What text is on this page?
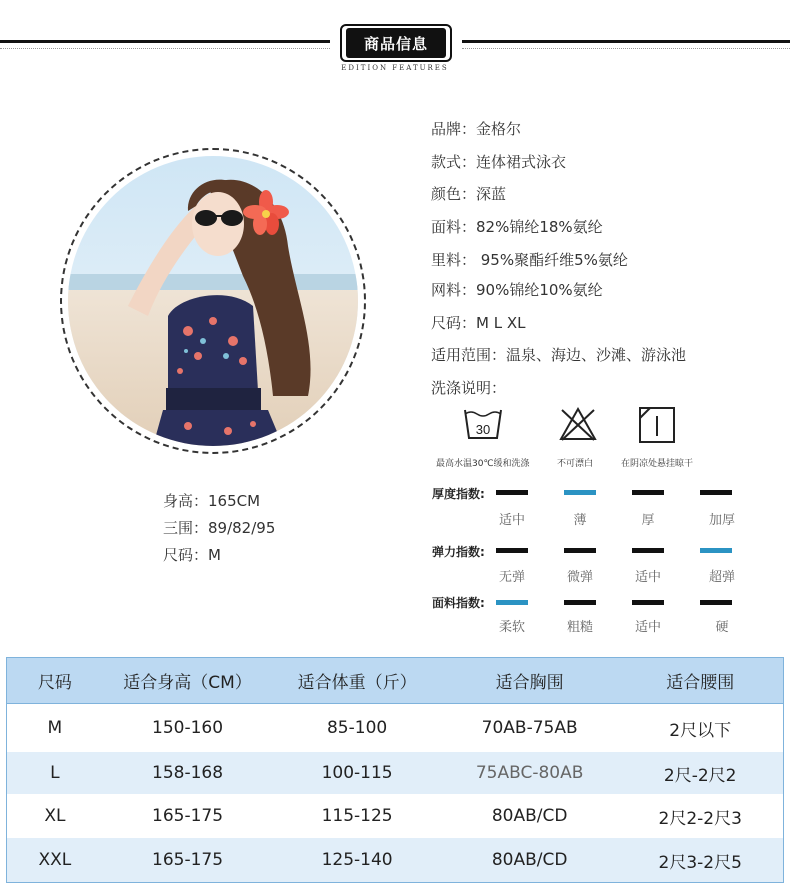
商品信息
EDITION FEATURES
身高：165CM
三围：89/82/95
尺码：M
品牌：金格尔
款式：连体裙式泳衣
颜色：深蓝
面料：82%锦纶18%氨纶
里料： 95%聚酯纤维5%氨纶
网料：90%锦纶10%氨纶
尺码：M L XL
适用范围：温泉、海边、沙滩、游泳池
洗涤说明：
30
最高水温30℃缓和洗涤	不可漂白	在阴凉处悬挂晾干
厚度指数:
适中	薄	厚	加厚
弹力指数:
无弹	微弹	适中	超弹
面料指数:
柔软	粗糙	适中	硬
尺码	适合身高（CM）	适合体重（斤）	适合胸围	适合腰围
M	150-160	85-100	70AB-75AB	2尺以下
L	158-168	100-115	75ABC-80AB	2尺-2尺2
XL	165-175	115-125	80AB/CD	2尺2-2尺3
XXL	165-175	125-140	80AB/CD	2尺3-2尺5
